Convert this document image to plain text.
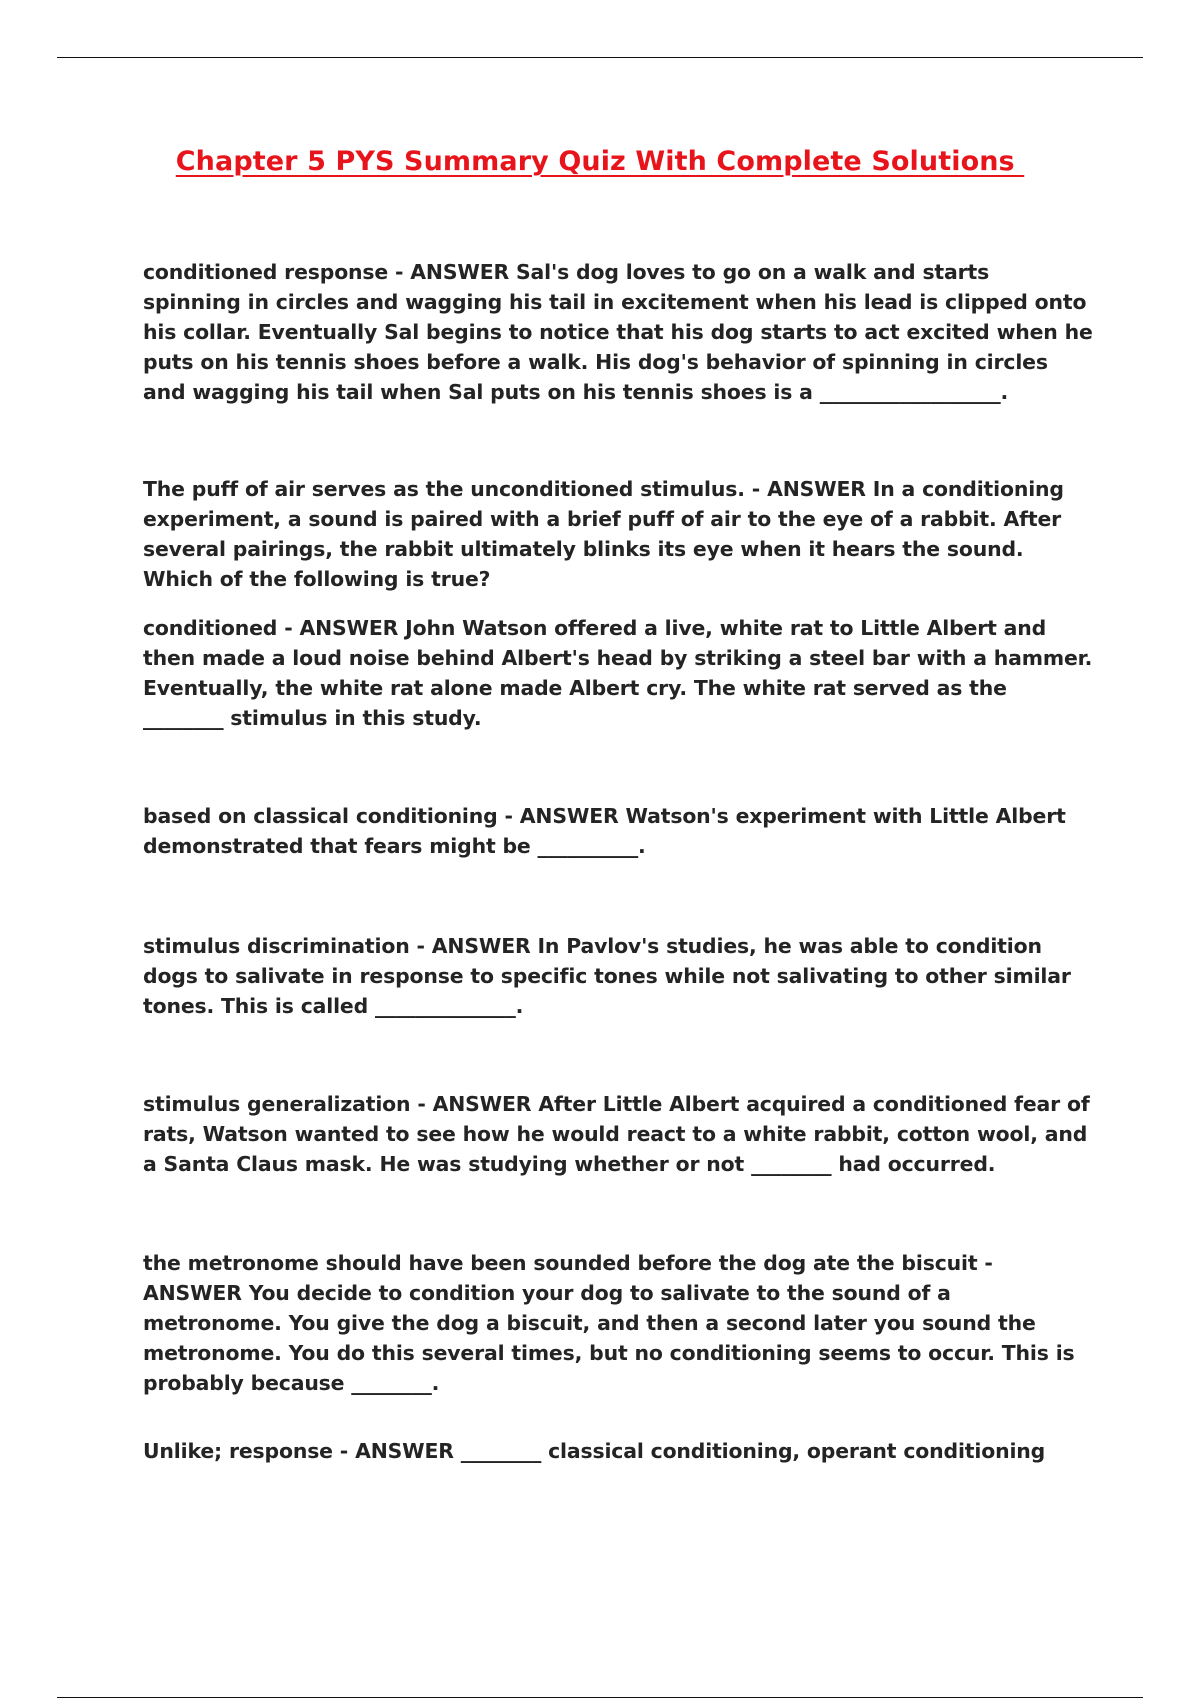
Chapter 5 PYS Summary Quiz With Complete Solutions

conditioned response - ANSWER Sal's dog loves to go on a walk and starts spinning in circles and wagging his tail in excitement when his lead is clipped onto his collar. Eventually Sal begins to notice that his dog starts to act excited when he puts on his tennis shoes before a walk. His dog's behavior of spinning in circles and wagging his tail when Sal puts on his tennis shoes is a __________________.

The puff of air serves as the unconditioned stimulus. - ANSWER In a conditioning experiment, a sound is paired with a brief puff of air to the eye of a rabbit. After several pairings, the rabbit ultimately blinks its eye when it hears the sound. Which of the following is true?

conditioned - ANSWER John Watson offered a live, white rat to Little Albert and then made a loud noise behind Albert's head by striking a steel bar with a hammer. Eventually, the white rat alone made Albert cry. The white rat served as the ________ stimulus in this study.

based on classical conditioning - ANSWER Watson's experiment with Little Albert demonstrated that fears might be __________.

stimulus discrimination - ANSWER In Pavlov's studies, he was able to condition dogs to salivate in response to specific tones while not salivating to other similar tones. This is called ______________.

stimulus generalization - ANSWER After Little Albert acquired a conditioned fear of rats, Watson wanted to see how he would react to a white rabbit, cotton wool, and a Santa Claus mask. He was studying whether or not ________ had occurred.

the metronome should have been sounded before the dog ate the biscuit - ANSWER You decide to condition your dog to salivate to the sound of a metronome. You give the dog a biscuit, and then a second later you sound the metronome. You do this several times, but no conditioning seems to occur. This is probably because ________.

Unlike; response - ANSWER ________ classical conditioning, operant conditioning
